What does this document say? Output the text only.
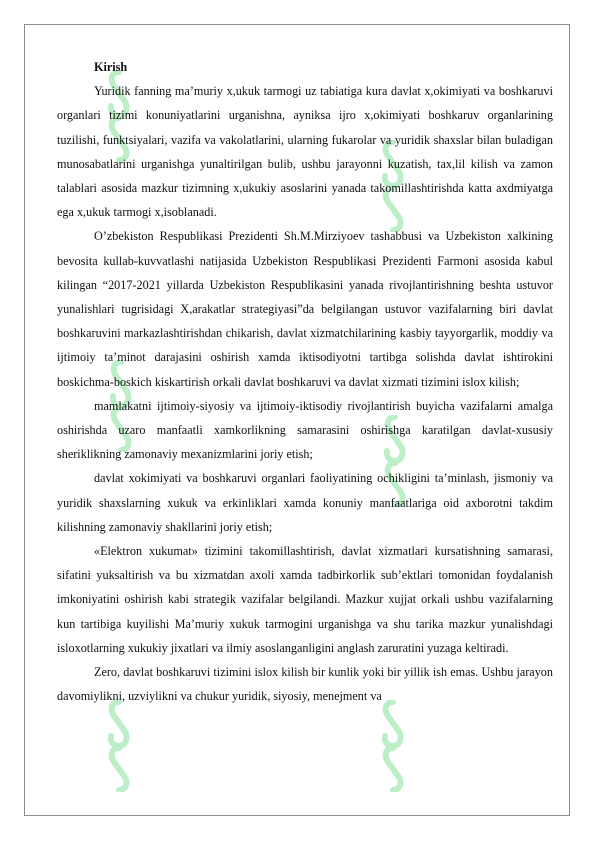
Kirish

Yuridik fanning ma’muriy x,ukuk tarmogi uz tabiatiga kura davlat x,okimiyati va boshkaruvi organlari tizimi konuniyatlarini urganishna, ayniksa ijro x,okimiyati boshkaruv organlarining tuzilishi, funktsiyalari, vazifa va vakolatlarini, ularning fukarolar va yuridik shaxslar bilan buladigan munosabatlarini urganishga yunaltirilgan bulib, ushbu jarayonni kuzatish, tax,lil kilish va zamon talablari asosida mazkur tizimning x,ukukiy asoslarini yanada takomillashtirishda katta axdmiyatga ega x,ukuk tarmogi x,isoblanadi.

O’zbekiston Respublikasi Prezidenti Sh.M.Mirziyoev tashabbusi va Uzbekiston xalkining bevosita kullab-kuvvatlashi natijasida Uzbekiston Respublikasi Prezidenti Farmoni asosida kabul kilingan “2017-2021 yillarda Uzbekiston Respublikasini yanada rivojlantirishning beshta ustuvor yunalishlari tugrisidagi X,arakatlar strategiyasi”da belgilangan ustuvor vazifalarning biri davlat boshkaruvini markazlashtirishdan chikarish, davlat xizmatchilarining kasbiy tayyorgarlik, moddiy va ijtimoiy ta’minot darajasini oshirish xamda iktisodiyotni tartibga solishda davlat ishtirokini boskichma-boskich kiskartirish orkali davlat boshkaruvi va davlat xizmati tizimini islox kilish;

mamlakatni ijtimoiy-siyosiy va ijtimoiy-iktisodiy rivojlantirish buyicha vazifalarni amalga oshirishda uzaro manfaatli xamkorlikning samarasini oshirishga karatilgan davlat-xususiy sheriklikning zamonaviy mexanizmlarini joriy etish;

davlat xokimiyati va boshkaruvi organlari faoliyatining ochikligini ta’minlash, jismoniy va yuridik shaxslarning xukuk va erkinliklari xamda konuniy manfaatlariga oid axborotni takdim kilishning zamonaviy shakllarini joriy etish;

«Elektron xukumat» tizimini takomillashtirish, davlat xizmatlari kursatishning samarasi, sifatini yuksaltirish va bu xizmatdan axoli xamda tadbirkorlik sub’ektlari tomonidan foydalanish imkoniyatini oshirish kabi strategik vazifalar belgilandi. Mazkur xujjat orkali ushbu vazifalarning kun tartibiga kuyilishi Ma’muriy xukuk tarmogini urganishga va shu tarika mazkur yunalishdagi isloxotlarning xukukiy jixatlari va ilmiy asoslanganligini anglash zaruratini yuzaga keltiradi.

Zero, davlat boshkaruvi tizimini islox kilish bir kunlik yoki bir yillik ish emas. Ushbu jarayon davomiylikni, uzviylikni va chukur yuridik, siyosiy, menejment va
